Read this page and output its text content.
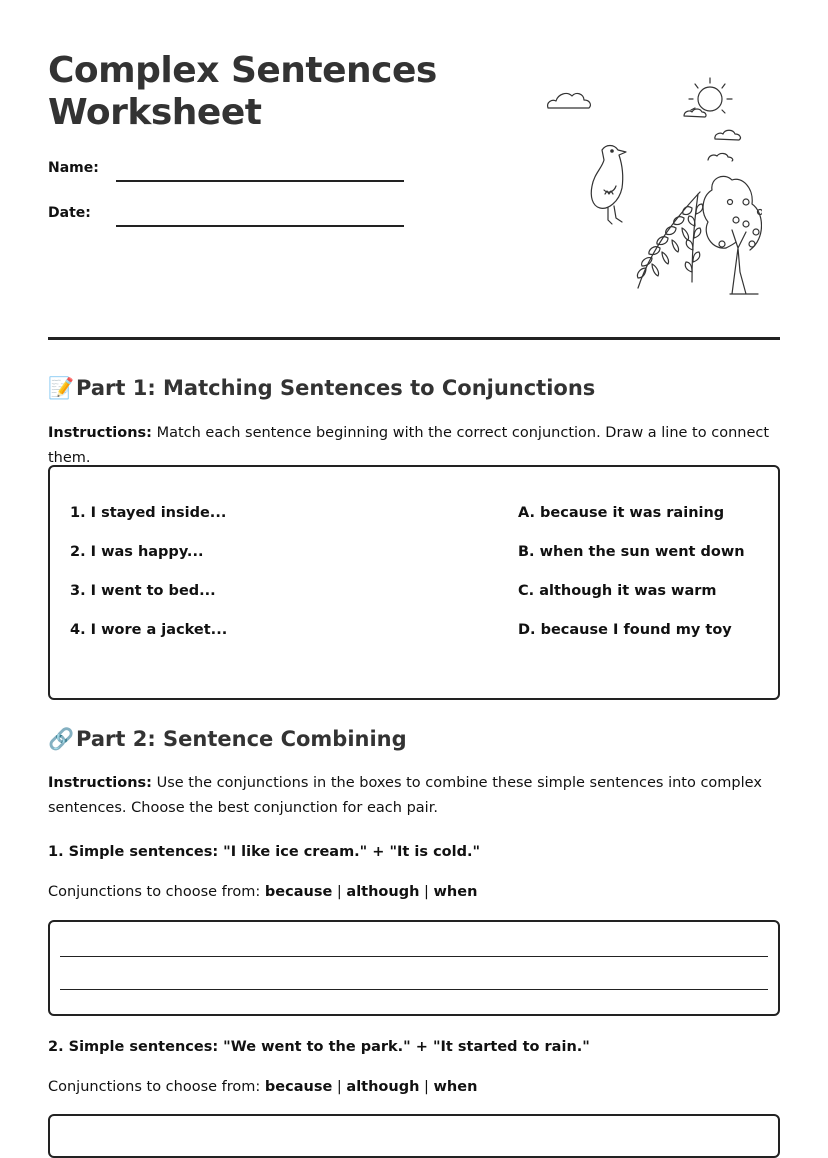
Complex Sentences
Worksheet
Name:
Date:
📝Part 1: Matching Sentences to Conjunctions

Instructions: Match each sentence beginning with the correct conjunction. Draw a line to connect them.

1. I stayed inside...
2. I was happy...
3. I went to bed...
4. I wore a jacket...
A. because it was raining
B. when the sun went down
C. although it was warm
D. because I found my toy
🔗Part 2: Sentence Combining

Instructions: Use the conjunctions in the boxes to combine these simple sentences into complex
sentences. Choose the best conjunction for each pair.

1. Simple sentences: "I like ice cream." + "It is cold."

Conjunctions to choose from: because | although | when

2. Simple sentences: "We went to the park." + "It started to rain."

Conjunctions to choose from: because | although | when
